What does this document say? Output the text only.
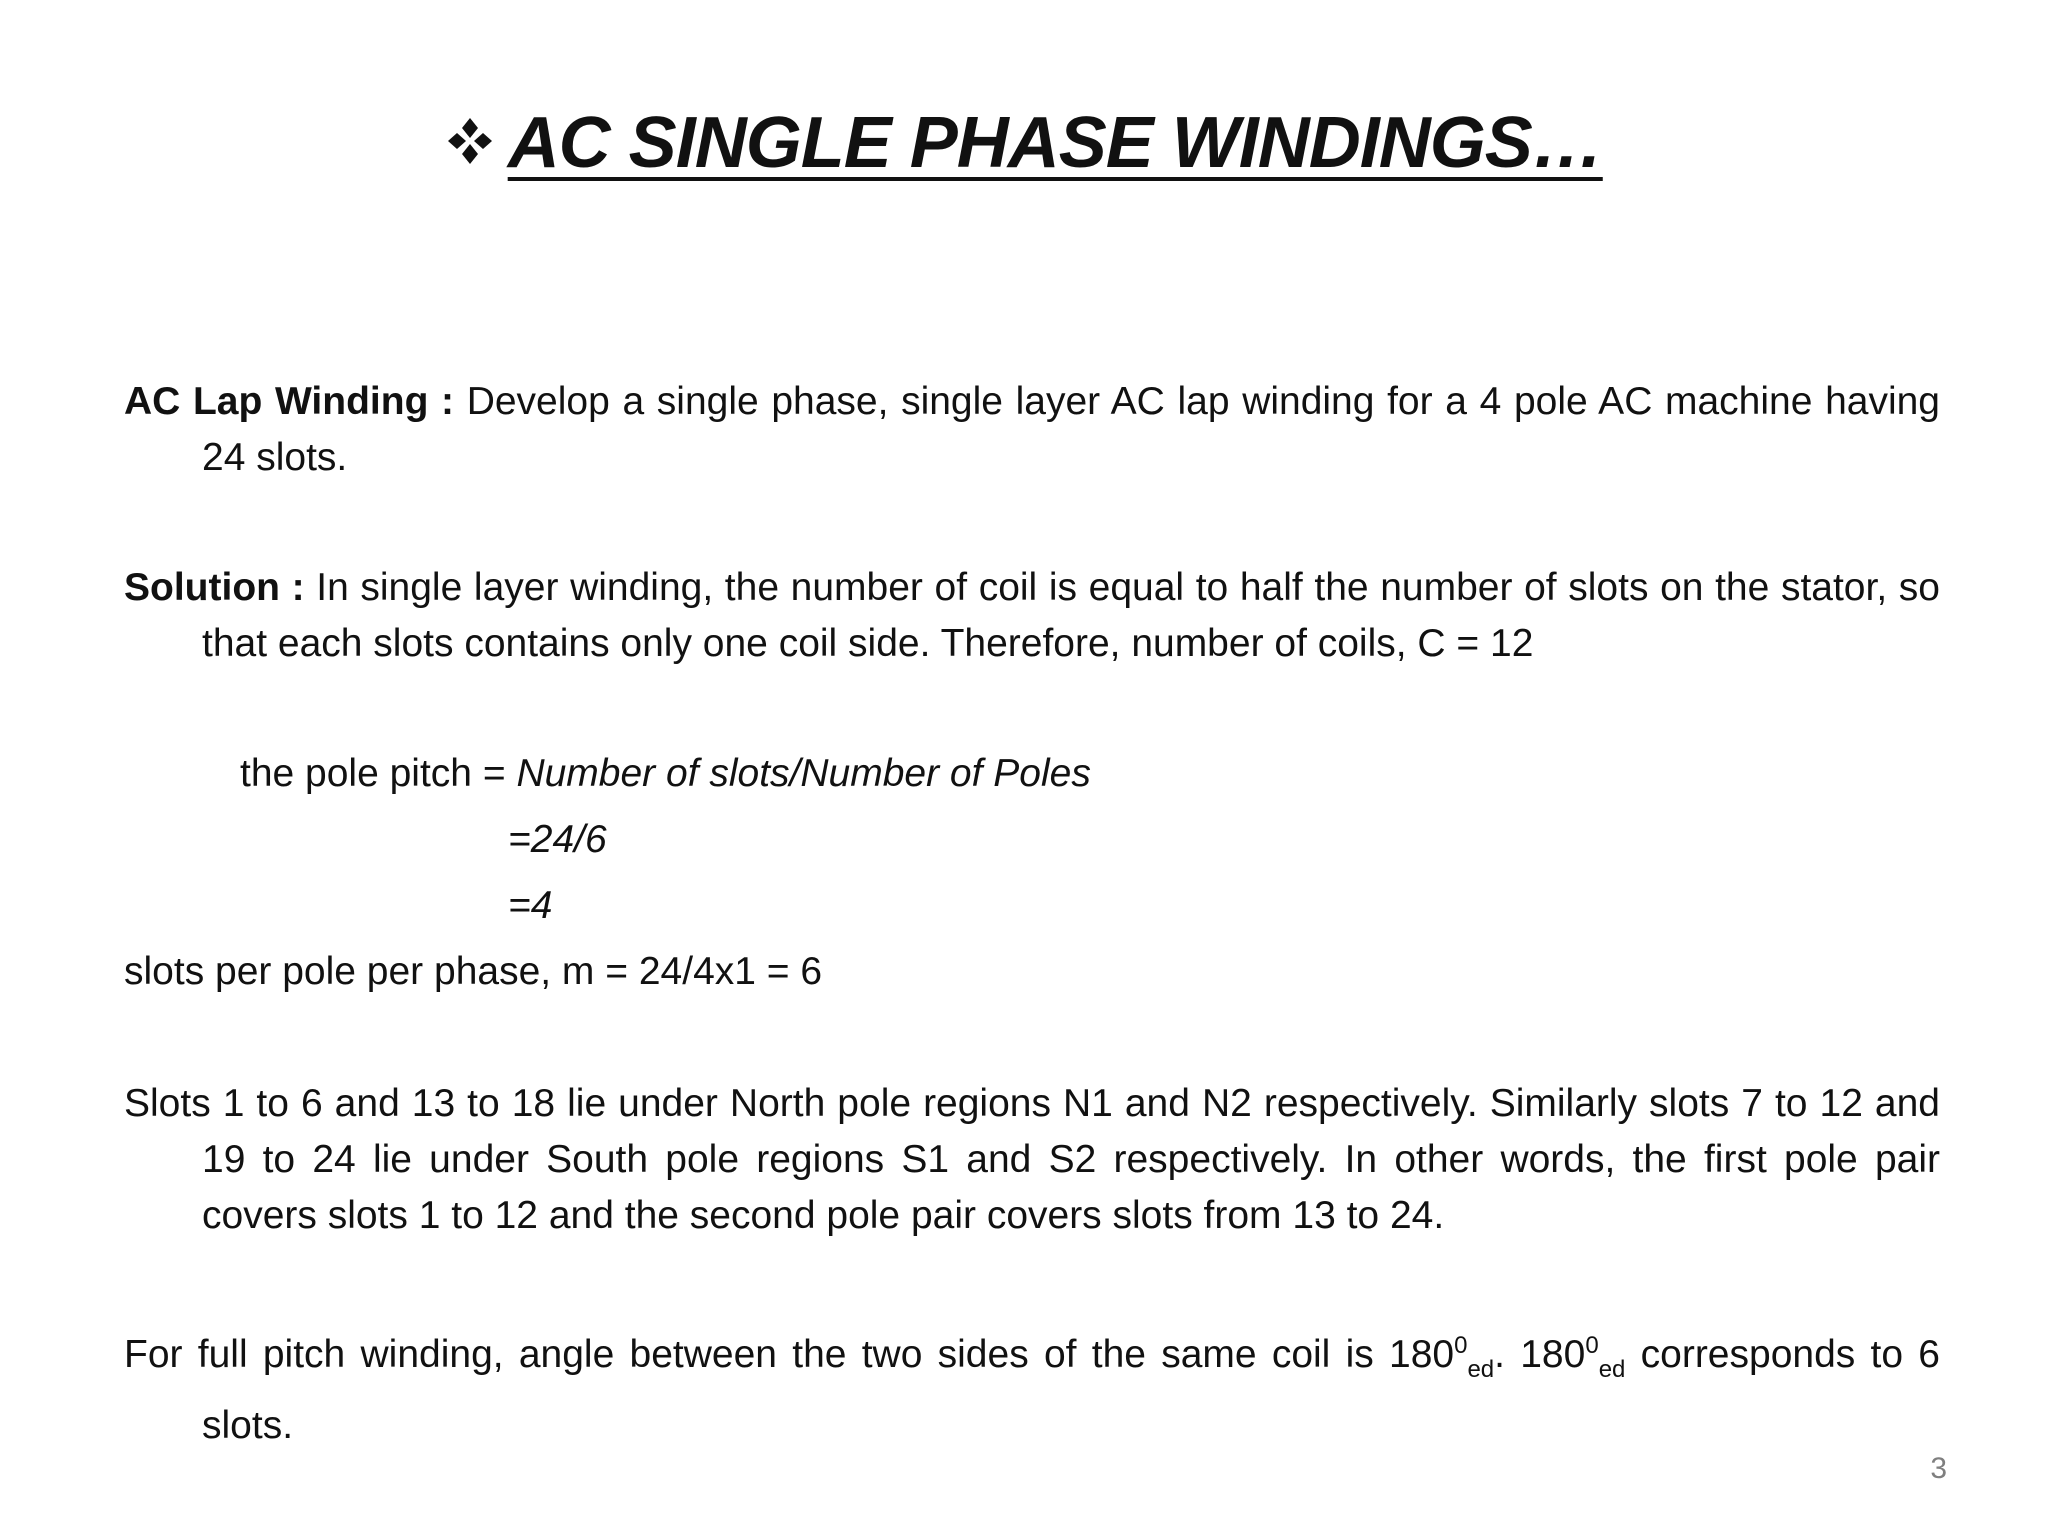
AC SINGLE PHASE WINDINGS…
AC Lap Winding : Develop a single phase, single layer AC lap winding for a 4 pole AC machine having 24 slots.
Solution : In single layer winding, the number of coil is equal to half the number of slots on the stator, so that each slots contains only one coil side. Therefore, number of coils, C = 12
the pole pitch = Number of slots/Number of Poles
=24/6
=4
slots per pole per phase, m = 24/4x1 = 6
Slots 1 to 6 and 13 to 18 lie under North pole regions N1 and N2 respectively. Similarly slots 7 to 12 and 19 to 24 lie under South pole regions S1 and S2 respectively. In other words, the first pole pair covers slots 1 to 12 and the second pole pair covers slots from 13 to 24.
For full pitch winding, angle between the two sides of the same coil is $180^0_{ed}$. $180^0_{ed}$ corresponds to 6 slots.
3
